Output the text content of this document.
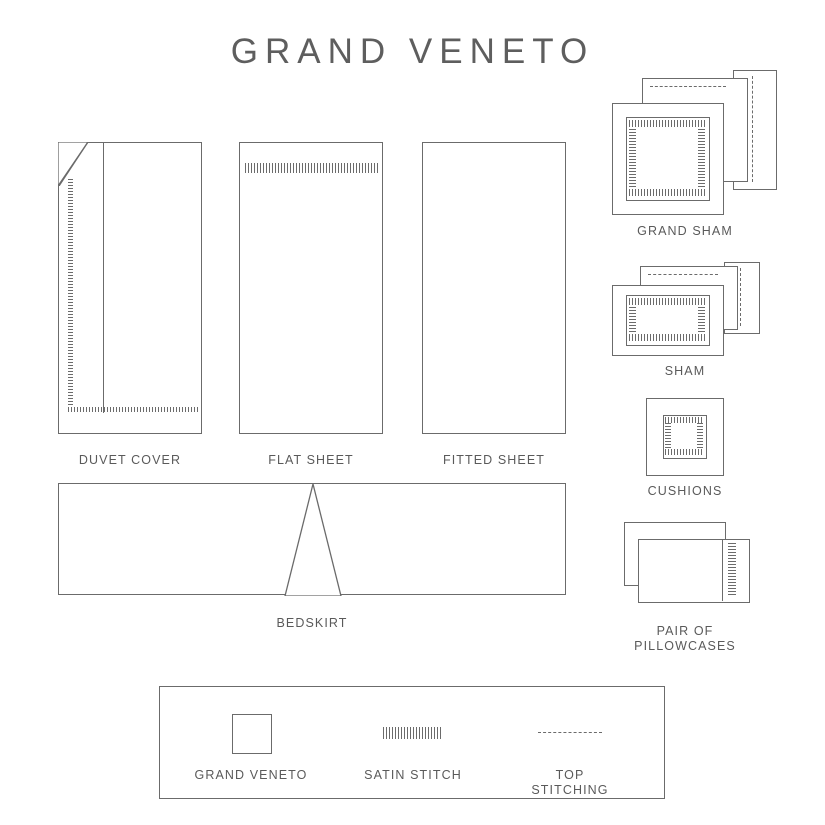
GRAND VENETO
DUVET COVER	FLAT SHEET	FITTED SHEET
BEDSKIRT
GRAND SHAM
SHAM
CUSHIONS
PAIR OF
PILLOWCASES
GRAND VENETO	SATIN STITCH	TOP
STITCHING
